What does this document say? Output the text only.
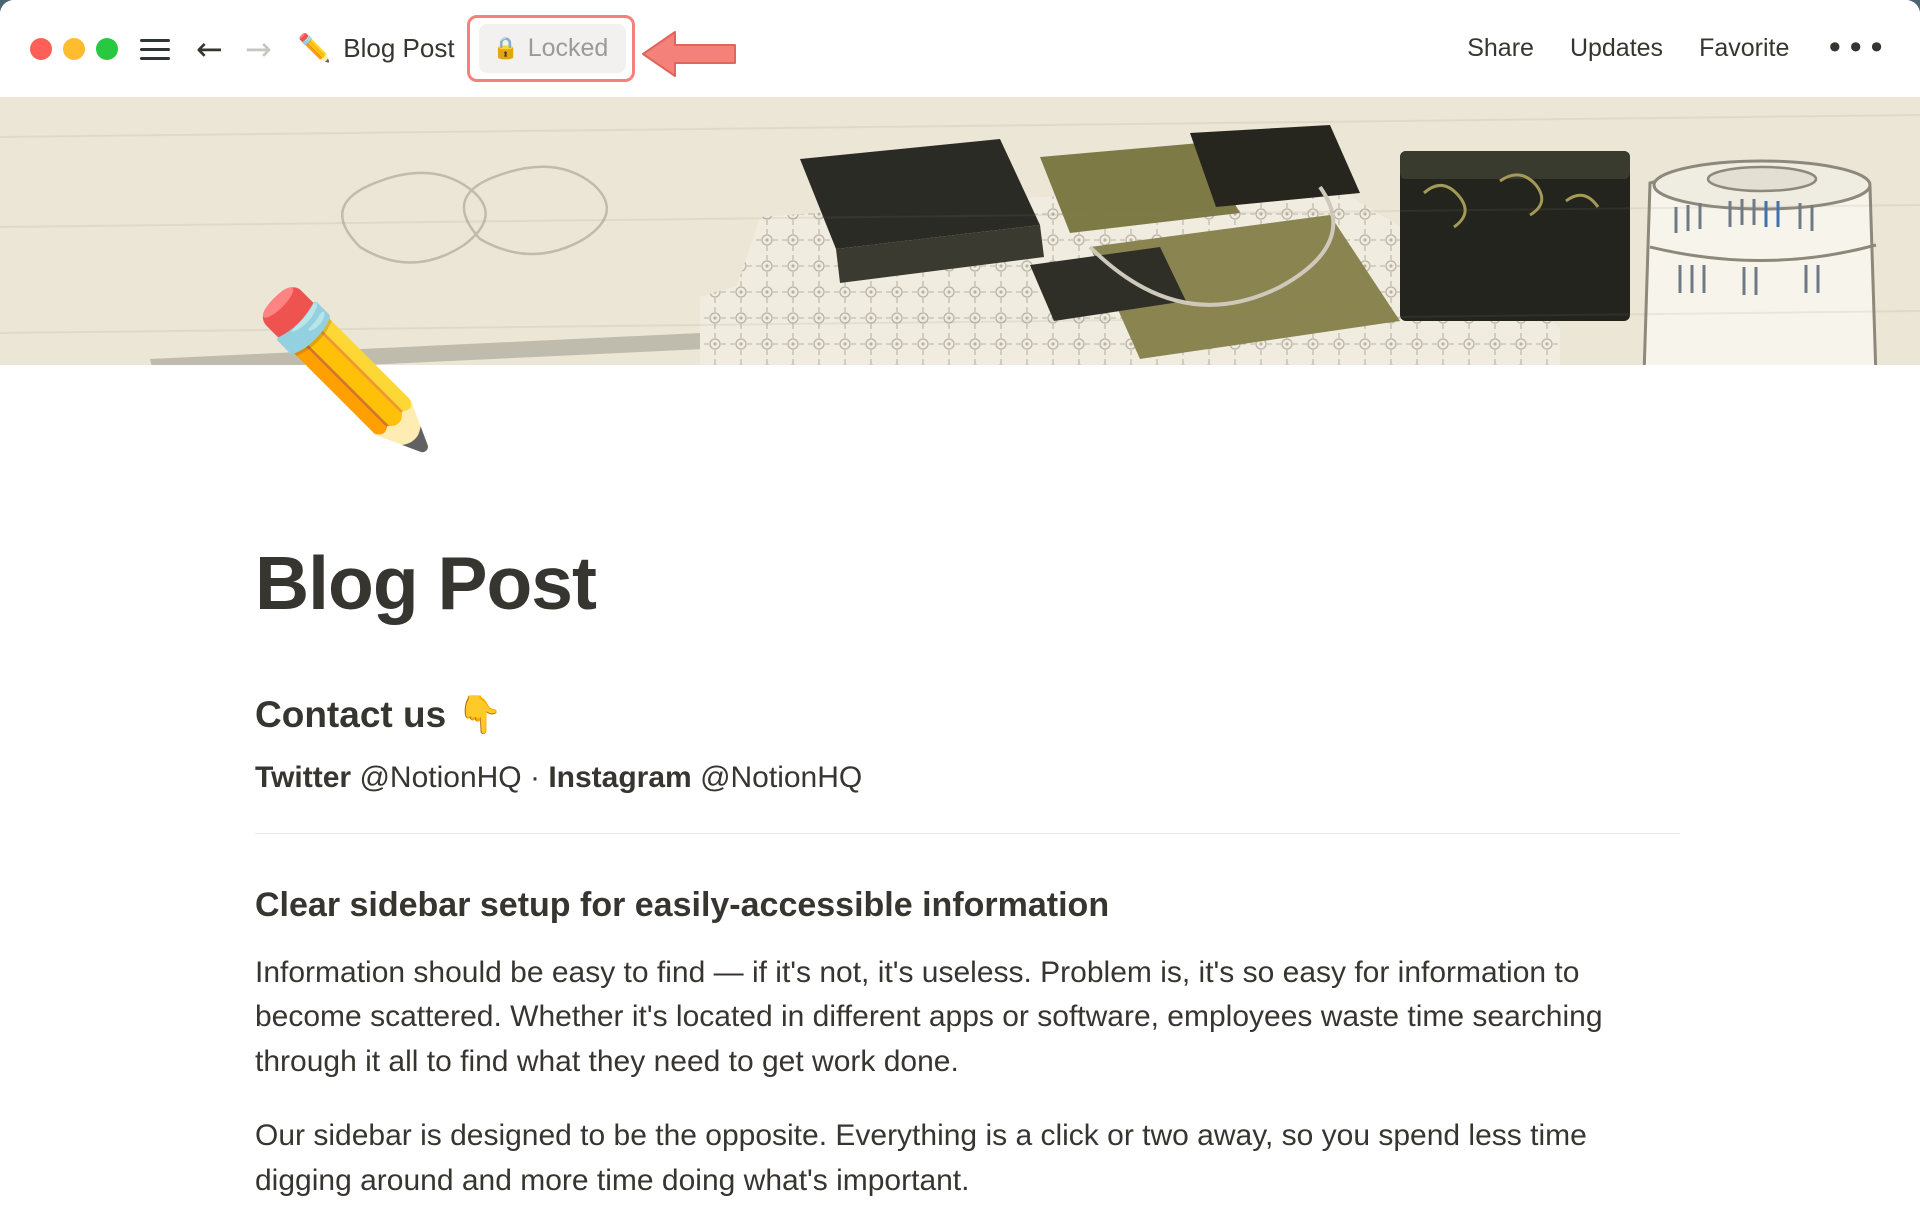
← → ✏️ Blog Post 🔒 Locked	Share Updates Favorite •••
✏️
Blog Post
Contact us 👇

Twitter @NotionHQ · Instagram @NotionHQ

Clear sidebar setup for easily-accessible information

Information should be easy to find — if it's not, it's useless. Problem is, it's so easy for information to become scattered. Whether it's located in different apps or software, employees waste time searching through it all to find what they need to get work done.

Our sidebar is designed to be the opposite. Everything is a click or two away, so you spend less time digging around and more time doing what's important.
